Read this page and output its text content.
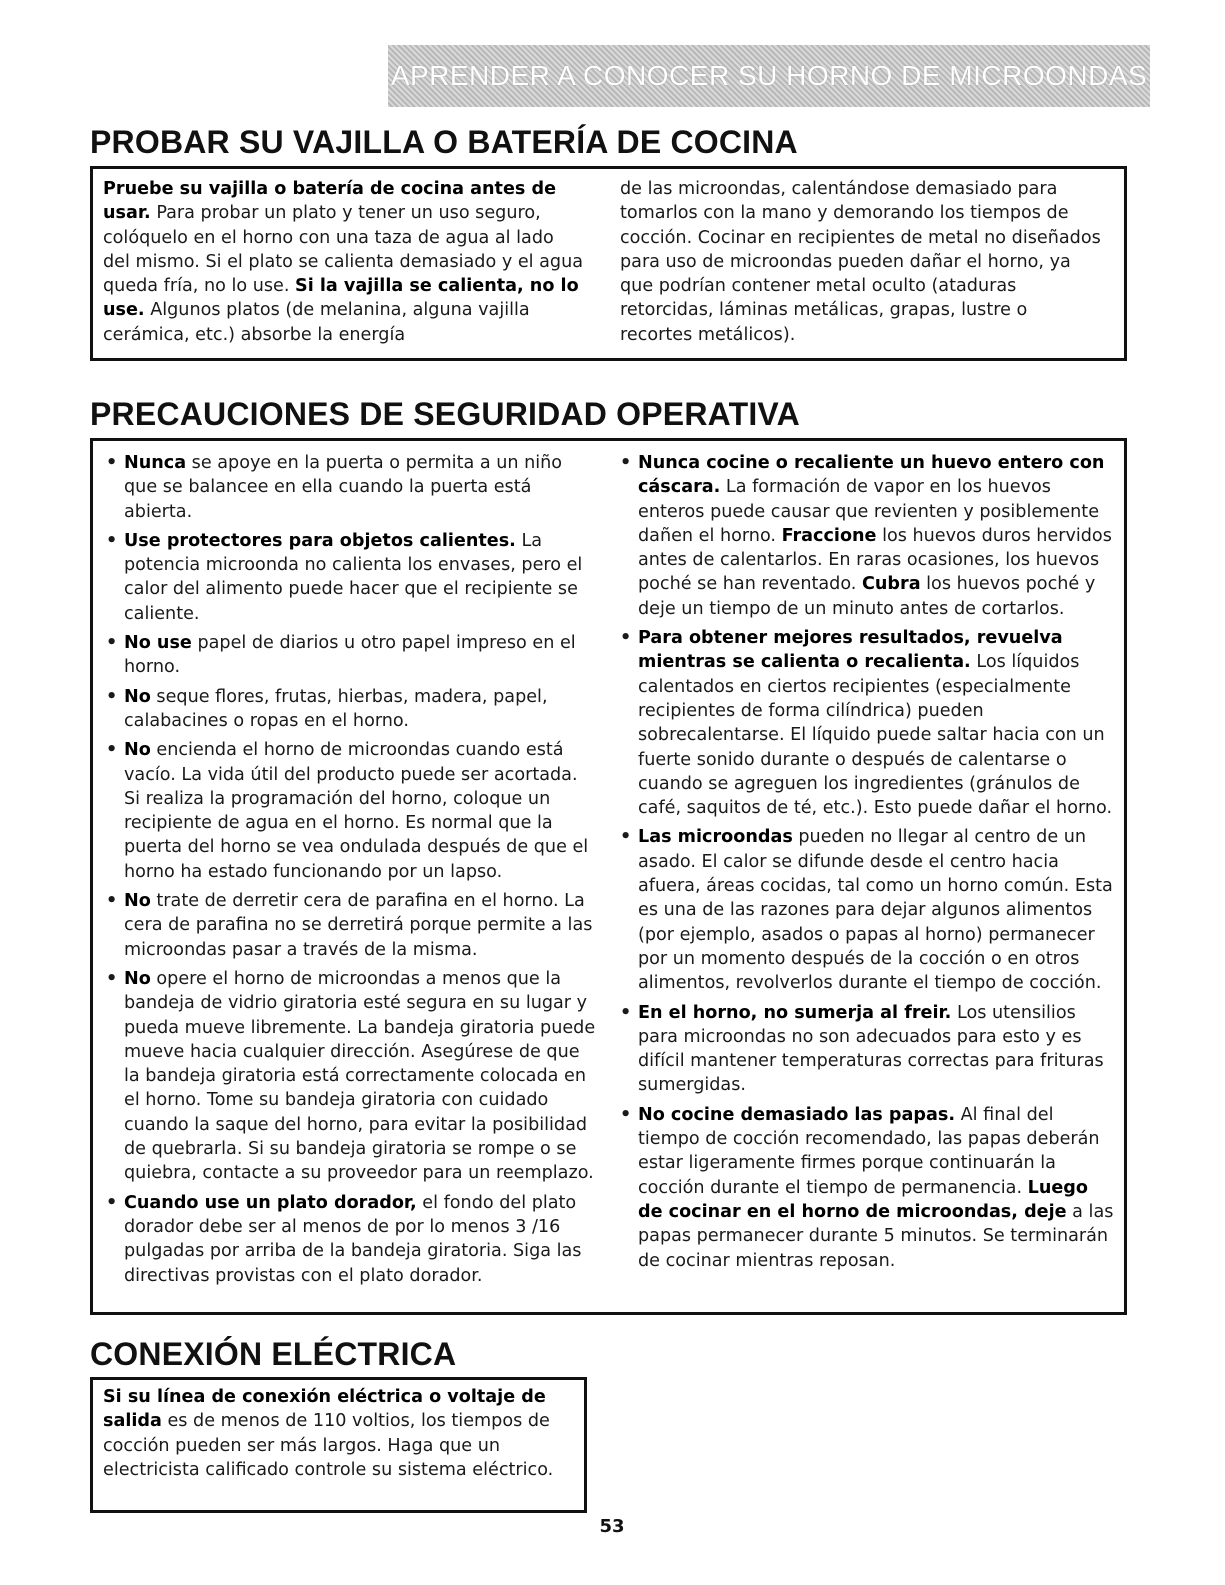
APRENDER A CONOCER SU HORNO DE MICROONDAS
PROBAR SU VAJILLA O BATERÍA DE COCINA

Pruebe su vajilla o batería de cocina antes de usar. Para probar un plato y tener un uso seguro, colóquelo en el horno con una taza de agua al lado del mismo. Si el plato se calienta demasiado y el agua queda fría, no lo use. Si la vajilla se calienta, no lo use. Algunos platos (de melanina, alguna vajilla cerámica, etc.) absorbe la energía

de las microondas, calentándose demasiado para tomarlos con la mano y demorando los tiempos de cocción. Cocinar en recipientes de metal no diseñados para uso de microondas pueden dañar el horno, ya que podrían contener metal oculto (ataduras retorcidas, láminas metálicas, grapas, lustre o recortes metálicos).

PRECAUCIONES DE SEGURIDAD OPERATIVA
• Nunca se apoye en la puerta o permita a un niño que se balancee en ella cuando la puerta está abierta.
• Use protectores para objetos calientes. La potencia microonda no calienta los envases, pero el calor del alimento puede hacer que el recipiente se caliente.
• No use papel de diarios u otro papel impreso en el horno.
• No seque flores, frutas, hierbas, madera, papel, calabacines o ropas en el horno.
• No encienda el horno de microondas cuando está vacío. La vida útil del producto puede ser acortada. Si realiza la programación del horno, coloque un recipiente de agua en el horno. Es normal que la puerta del horno se vea ondulada después de que el horno ha estado funcionando por un lapso.
• No trate de derretir cera de parafina en el horno. La cera de parafina no se derretirá porque permite a las microondas pasar a través de la misma.
• No opere el horno de microondas a menos que la bandeja de vidrio giratoria esté segura en su lugar y pueda mueve libremente. La bandeja giratoria puede mueve hacia cualquier dirección. Asegúrese de que la bandeja giratoria está correctamente colocada en el horno. Tome su bandeja giratoria con cuidado cuando la saque del horno, para evitar la posibilidad de quebrarla. Si su bandeja giratoria se rompe o se quiebra, contacte a su proveedor para un reemplazo.
• Cuando use un plato dorador, el fondo del plato dorador debe ser al menos de por lo menos 3 /16 pulgadas por arriba de la bandeja giratoria. Siga las directivas provistas con el plato dorador.
• Nunca cocine o recaliente un huevo entero con cáscara. La formación de vapor en los huevos enteros puede causar que revienten y posiblemente dañen el horno. Fraccione los huevos duros hervidos antes de calentarlos. En raras ocasiones, los huevos poché se han reventado. Cubra los huevos poché y deje un tiempo de un minuto antes de cortarlos.
• Para obtener mejores resultados, revuelva mientras se calienta o recalienta. Los líquidos calentados en ciertos recipientes (especialmente recipientes de forma cilíndrica) pueden sobrecalentarse. El líquido puede saltar hacia con un fuerte sonido durante o después de calentarse o cuando se agreguen los ingredientes (gránulos de café, saquitos de té, etc.). Esto puede dañar el horno.
• Las microondas pueden no llegar al centro de un asado. El calor se difunde desde el centro hacia afuera, áreas cocidas, tal como un horno común. Esta es una de las razones para dejar algunos alimentos (por ejemplo, asados o papas al horno) permanecer por un momento después de la cocción o en otros alimentos, revolverlos durante el tiempo de cocción.
• En el horno, no sumerja al freir. Los utensilios para microondas no son adecuados para esto y es difícil mantener temperaturas correctas para frituras sumergidas.
• No cocine demasiado las papas. Al final del tiempo de cocción recomendado, las papas deberán estar ligeramente firmes porque continuarán la cocción durante el tiempo de permanencia. Luego de cocinar en el horno de microondas, deje a las papas permanecer durante 5 minutos. Se terminarán de cocinar mientras reposan.
CONEXIÓN ELÉCTRICA

Si su línea de conexión eléctrica o voltaje de salida es de menos de 110 voltios, los tiempos de cocción pueden ser más largos. Haga que un electricista calificado controle su sistema eléctrico.

53
